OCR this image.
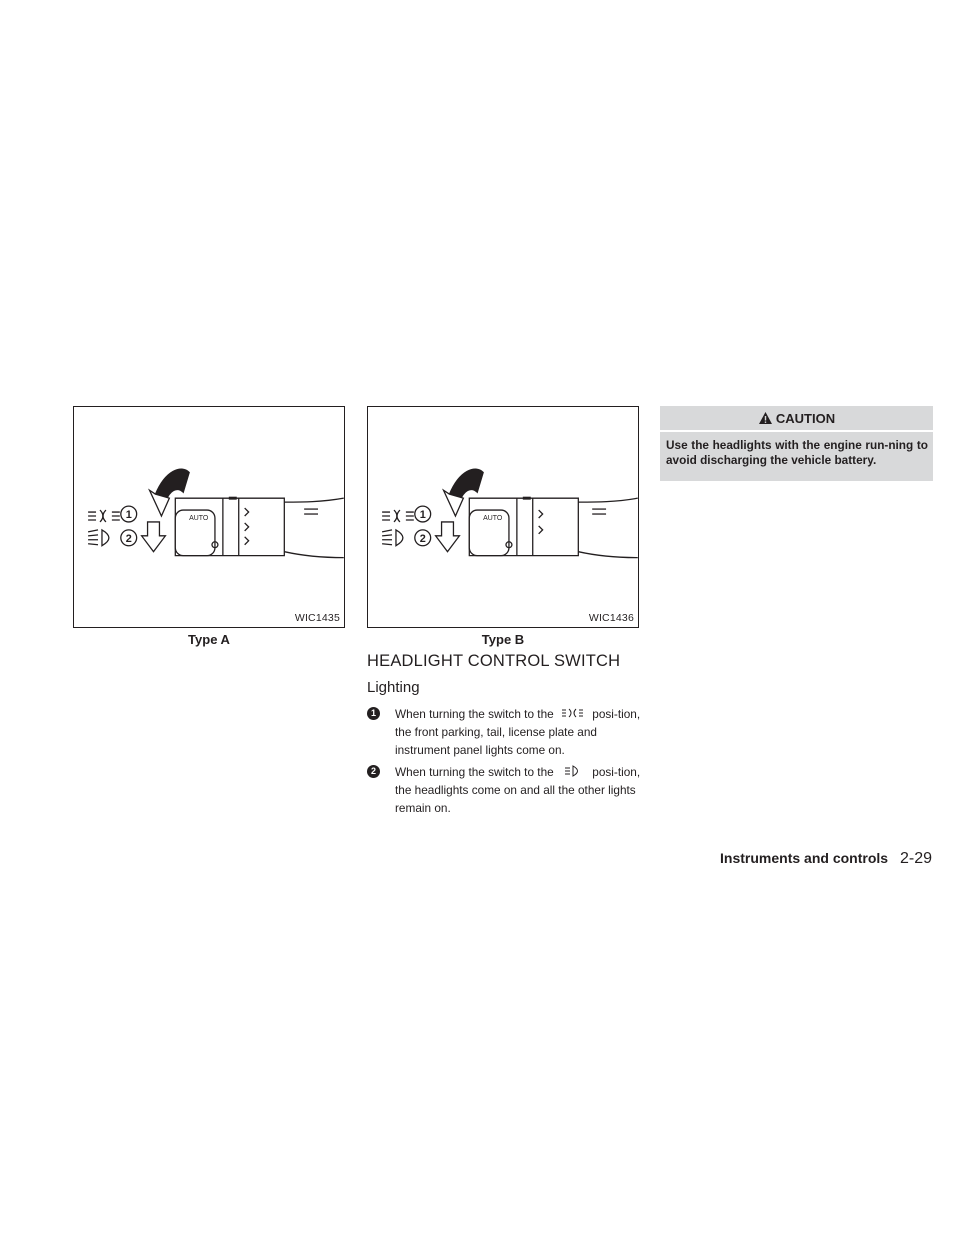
AUTO
1
2
WIC1435
Type A
AUTO
1
2
WIC1436
Type B
HEADLIGHT CONTROL SWITCH
Lighting
1	When turning the switch to the	posi-tion, the front parking, tail, license plate and instrument panel lights come on.
2	When turning the switch to the	posi-tion, the headlights come on and all the other lights remain on.
CAUTION
Use the headlights with the engine run-ning to avoid discharging the vehicle battery.
Instruments and controls 2-29
